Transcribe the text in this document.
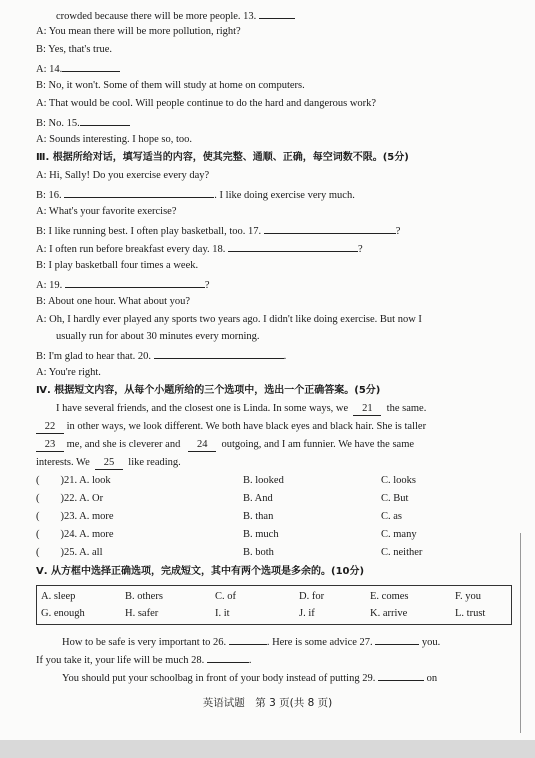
crowded because there will be more people. 13.
A: You mean there will be more pollution, right?
B: Yes, that's true.
A: 14.
B: No, it won't. Some of them will study at home on computers.
A: That would be cool. Will people continue to do the hard and dangerous work?
B: No. 15.
A: Sounds interesting. I hope so, too.
Ⅲ. 根据所给对话，填写适当的内容，使其完整、通顺、正确，每空词数不限。(5分)
A: Hi, Sally! Do you exercise every day?
B: 16.	. I like doing exercise very much.
A: What's your favorite exercise?
B: I like running best. I often play basketball, too. 17.	?
A: I often run before breakfast every day. 18.	?
B: I play basketball four times a week.
A: 19.	?
B: About one hour. What about you?
A: Oh, I hardly ever played any sports two years ago. I didn't like doing exercise. But now I
usually run for about 30 minutes every morning.
B: I'm glad to hear that. 20.	.
A: You're right.
Ⅳ. 根据短文内容，从每个小题所给的三个选项中，选出一个正确答案。(5分)
I have several friends, and the closest one is Linda. In some ways, we 21 the same.
22 in other ways, we look different. We both have black eyes and black hair. She is taller
23 me, and she is cleverer and 24 outgoing, and I am funnier. We have the same
interests. We 25 like reading.
(　　)21. A. look	B. looked	C. looks
(　　)22. A. Or	B. And	C. But
(　　)23. A. more	B. than	C. as
(　　)24. A. more	B. much	C. many
(　　)25. A. all	B. both	C. neither
Ⅴ. 从方框中选择正确选项，完成短文，其中有两个选项是多余的。(10分)
A. sleep	B. others	C. of	D. for	E. comes	F. you
G. enough	H. safer	I. it	J. if	K. arrive	L. trust
How to be safe is very important to 26.	. Here is some advice 27.	you.
If you take it, your life will be much 28.	.
You should put your schoolbag in front of your body instead of putting 29.	on
英语试题　第 3 页(共 8 页)
